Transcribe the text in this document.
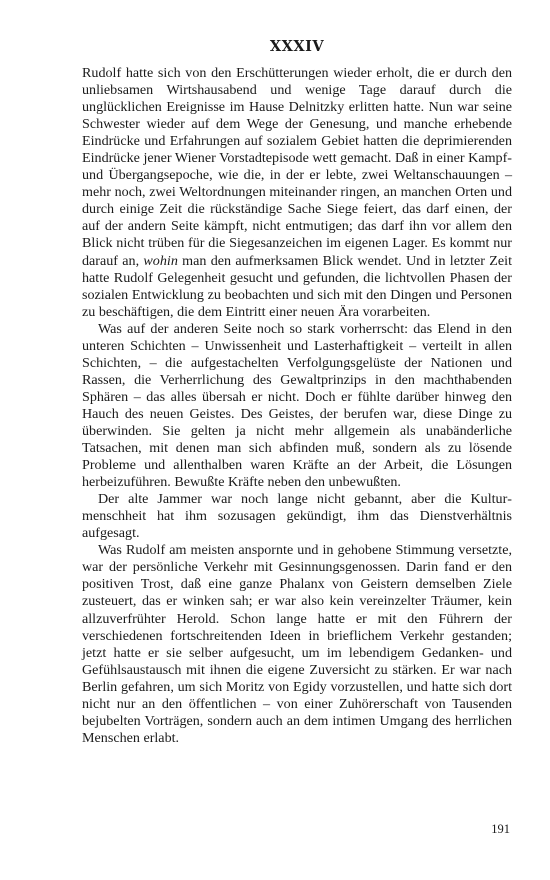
XXXIV

Rudolf hatte sich von den Erschütterungen wieder erholt, die er durch den unliebsamen Wirtshausabend und wenige Tage darauf durch die unglücklichen Ereignisse im Hause Delnitzky erlitten hatte. Nun war seine Schwester wieder auf dem Wege der Genesung, und manche erhebende Eindrücke und Erfahrungen auf sozialem Gebiet hatten die deprimierenden Eindrücke jener Wiener Vorstadtepisode wett gemacht. Daß in einer Kampf- und Übergangsepoche, wie die, in der er lebte, zwei Weltanschauungen – mehr noch, zwei Weltordnungen miteinander ringen, an manchen Orten und durch einige Zeit die rückständige Sache Siege feiert, das darf einen, der auf der andern Seite kämpft, nicht entmutigen; das darf ihn vor allem den Blick nicht trüben für die Siegesanzeichen im eigenen Lager. Es kommt nur darauf an, wohin man den aufmerksamen Blick wendet. Und in letzter Zeit hatte Rudolf Gelegenheit gesucht und gefunden, die lichtvollen Phasen der sozialen Entwicklung zu beobachten und sich mit den Dingen und Personen zu beschäftigen, die dem Eintritt einer neuen Ära vorarbeiten.

Was auf der anderen Seite noch so stark vorherrscht: das Elend in den unteren Schichten – Unwissenheit und Lasterhaftigkeit – verteilt in allen Schichten, – die aufgestachelten Verfolgungsgelüste der Nationen und Rassen, die Verherrlichung des Gewaltprinzips in den machthabenden Sphären – das alles übersah er nicht. Doch er fühlte darüber hinweg den Hauch des neuen Geistes. Des Geistes, der berufen war, diese Dinge zu überwinden. Sie gelten ja nicht mehr allgemein als unabänderliche Tatsachen, mit denen man sich abfinden muß, sondern als zu lösende Probleme und allenthalben waren Kräfte an der Arbeit, die Lösungen herbeizuführen. Bewußte Kräfte neben den unbewußten.

Der alte Jammer war noch lange nicht gebannt, aber die Kulturmenschheit hat ihm sozusagen gekündigt, ihm das Dienstverhältnis aufgesagt.

Was Rudolf am meisten anspornte und in gehobene Stimmung versetzte, war der persönliche Verkehr mit Gesinnungsgenossen. Darin fand er den positiven Trost, daß eine ganze Phalanx von Geistern demselben Ziele zusteuert, das er winken sah; er war also kein vereinzelter Träumer, kein allzuverfrühter Herold. Schon lange hatte er mit den Führern der verschiedenen fortschreitenden Ideen in brieflichem Verkehr gestanden; jetzt hatte er sie selber aufgesucht, um im lebendigem Gedanken- und Gefühlsaustausch mit ihnen die eigene Zuversicht zu stärken. Er war nach Berlin gefahren, um sich Moritz von Egidy vorzustellen, und hatte sich dort nicht nur an den öffentlichen – von einer Zuhörerschaft von Tausenden bejubelten Vorträgen, sondern auch an dem intimen Umgang des herrlichen Menschen erlabt.

191
